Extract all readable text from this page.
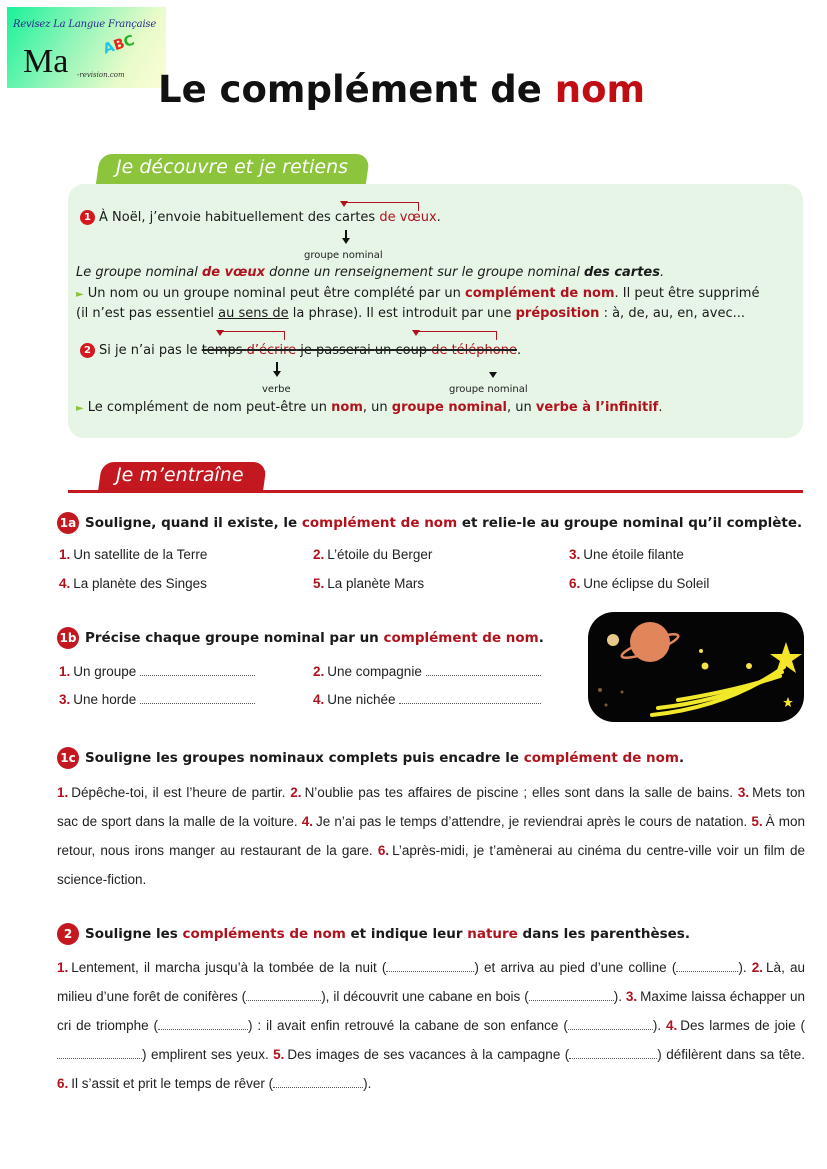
Revisez La Langue Française
Ma ABC
-revision.com Le complément de nom
Je découvre et je retiens
1 À Noël, j’envoie habituellement des cartes de vœux.
groupe nominal
Le groupe nominal de vœux donne un renseignement sur le groupe nominal des cartes.
► Un nom ou un groupe nominal peut être complété par un complément de nom. Il peut être supprimé
(il n’est pas essentiel au sens de la phrase). Il est introduit par une préposition : à, de, au, en, avec...
2 Si je n’ai pas le temps d’écrire je passerai un coup de téléphone.
verbe	groupe nominal
► Le complément de nom peut-être un nom, un groupe nominal, un verbe à l’infinitif.
Je m’entraîne
1a Souligne, quand il existe, le complément de nom et relie-le au groupe nominal qu’il complète.
1. Un satellite de la Terre	2. L’étoile du Berger	3. Une étoile filante
4. La planète des Singes	5. La planète Mars	6. Une éclipse du Soleil
1b Précise chaque groupe nominal par un complément de nom.
1. Un groupe	2. Une compagnie
3. Une horde	4. Une nichée
1c Souligne les groupes nominaux complets puis encadre le complément de nom.
1. Dépêche-toi, il est l’heure de partir. 2. N’oublie pas tes affaires de piscine ; elles sont dans la salle de bains. 3. Mets ton sac de sport dans la malle de la voiture. 4. Je n’ai pas le temps d’attendre, je reviendrai après le cours de natation. 5. À mon retour, nous irons manger au restaurant de la gare. 6. L’après-midi, je t’amènerai au cinéma du centre-ville voir un film de science-fiction.
2 Souligne les compléments de nom et indique leur nature dans les parenthèses.
1. Lentement, il marcha jusqu’à la tombée de la nuit (	) et arriva au pied d’une colline (	). 2. Là, au milieu d’une forêt de conifères (	), il découvrit une cabane en bois (	). 3. Maxime laissa échapper un cri de triomphe (	) : il avait enfin retrouvé la cabane de son enfance (	). 4. Des larmes de joie () emplirent ses yeux. 5. Des images de ses vacances à la campagne (	) défilèrent dans sa tête. 6. Il s’assit et prit le temps de rêver (	).
